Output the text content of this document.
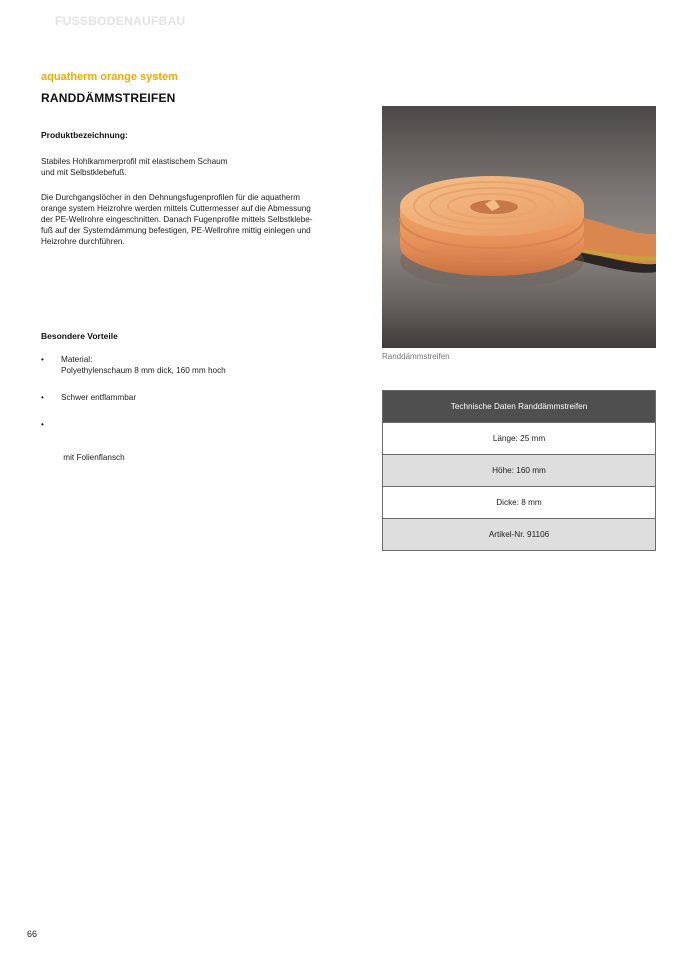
FUSSBODENAUFBAU
aquatherm orange system
RANDDÄMMSTREIFEN
Produktbezeichnung:
Stabiles Hohlkammerprofil mit elastischem Schaum
und mit Selbstklebefuß.
Die Durchgangslöcher in den Dehnungsfugenprofilen für die aquatherm
orange system Heizrohre werden mittels Cuttermesser auf die Abmessung
der PE-Wellrohre eingeschnitten. Danach Fugenprofile mittels Selbstklebe-
fuß auf der Systemdämmung befestigen, PE-Wellrohre mittig einlegen und
Heizrohre durchführen.
Besondere Vorteile
• Material:
Polyethylenschaum 8 mm dick, 160 mm hoch
• Schwer entflammbar

•

mit Folienflansch

Randdämmstreifen
Technische Daten Randdämmstreifen
Länge: 25 mm
Höhe: 160 mm
Dicke: 8 mm
Artikel-Nr. 91106
66
